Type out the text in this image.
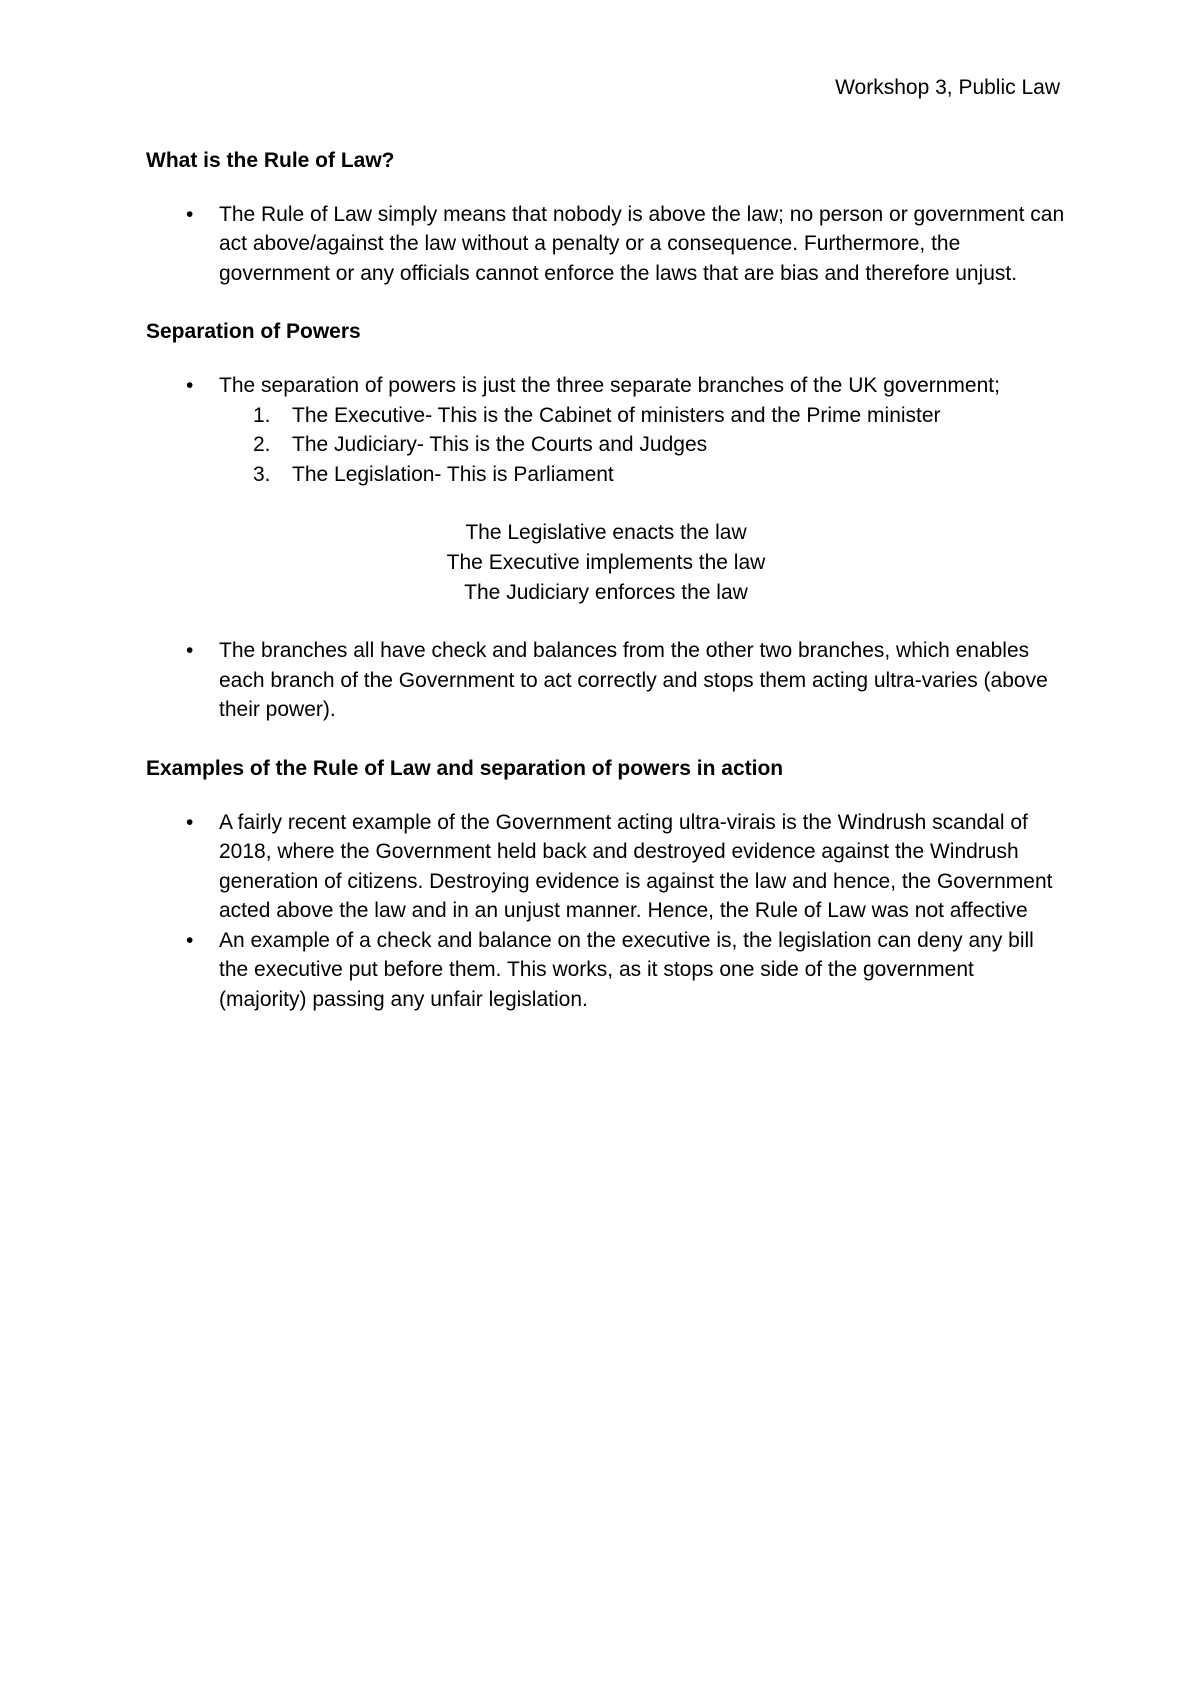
Workshop 3, Public Law
What is the Rule of Law?
•	The Rule of Law simply means that nobody is above the law; no person or government can act above/against the law without a penalty or a consequence. Furthermore, the government or any officials cannot enforce the laws that are bias and therefore unjust.
Separation of Powers
•	The separation of powers is just the three separate branches of the UK government;
1. The Executive- This is the Cabinet of ministers and the Prime minister
2. The Judiciary- This is the Courts and Judges
3. The Legislation- This is Parliament
The Legislative enacts the law
The Executive implements the law
The Judiciary enforces the law
•	The branches all have check and balances from the other two branches, which enables each branch of the Government to act correctly and stops them acting ultra-varies (above their power).
Examples of the Rule of Law and separation of powers in action
•	A fairly recent example of the Government acting ultra-virais is the Windrush scandal of 2018, where the Government held back and destroyed evidence against the Windrush generation of citizens. Destroying evidence is against the law and hence, the Government acted above the law and in an unjust manner. Hence, the Rule of Law was not affective
•	An example of a check and balance on the executive is, the legislation can deny any bill the executive put before them. This works, as it stops one side of the government (majority) passing any unfair legislation.
